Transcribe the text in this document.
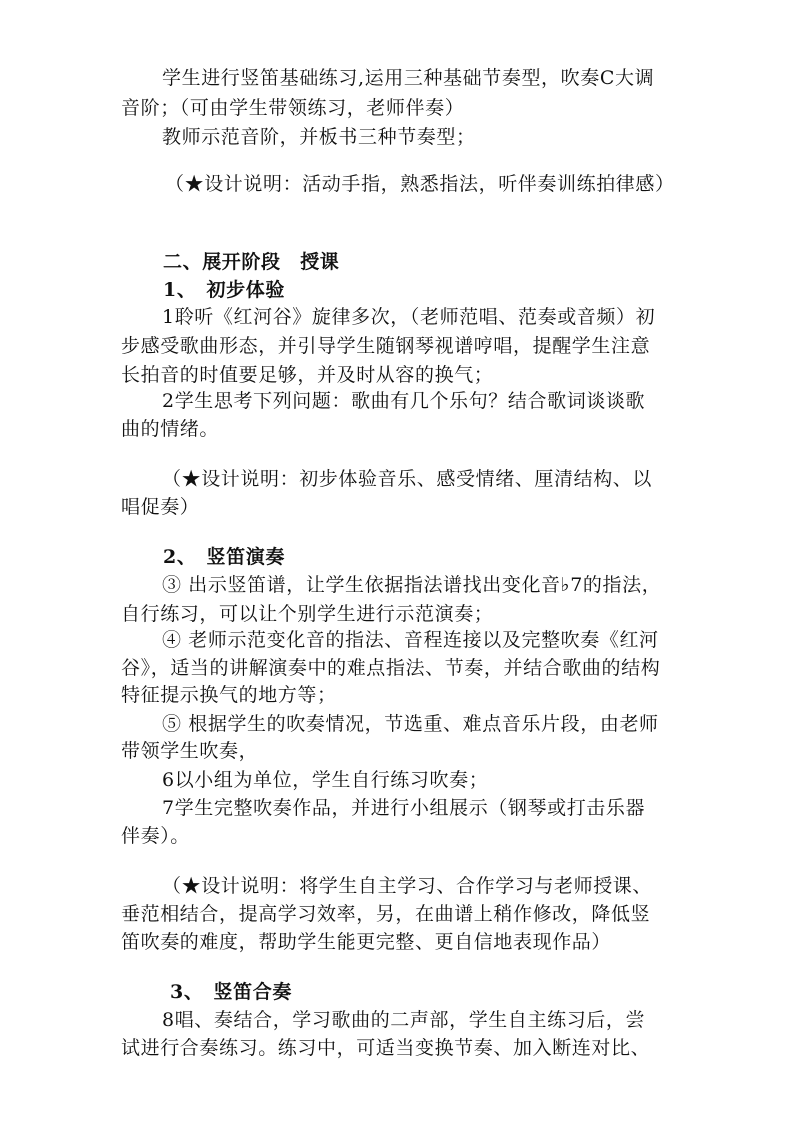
学生进行竖笛基础练习,运用三种基础节奏型，吹奏C大调
音阶；（可由学生带领练习，老师伴奏）
教师示范音阶，并板书三种节奏型；
（★设计说明：活动手指，熟悉指法，听伴奏训练拍律感）
二、展开阶段　授课
1、　初步体验
1聆听《红河谷》旋律多次，（老师范唱、范奏或音频）初
步感受歌曲形态，并引导学生随钢琴视谱哼唱，提醒学生注意
长拍音的时值要足够，并及时从容的换气；
2学生思考下列问题：歌曲有几个乐句？结合歌词谈谈歌
曲的情绪。
（★设计说明：初步体验音乐、感受情绪、厘清结构、以
唱促奏）
2、　竖笛演奏
③ 出示竖笛谱，让学生依据指法谱找出变化音♭7的指法，
自行练习，可以让个别学生进行示范演奏；
④ 老师示范变化音的指法、音程连接以及完整吹奏《红河
谷》，适当的讲解演奏中的难点指法、节奏，并结合歌曲的结构
特征提示换气的地方等；
⑤ 根据学生的吹奏情况，节选重、难点音乐片段，由老师
带领学生吹奏，
6以小组为单位，学生自行练习吹奏；
7学生完整吹奏作品，并进行小组展示（钢琴或打击乐器
伴奏）。
（★设计说明：将学生自主学习、合作学习与老师授课、
垂范相结合，提高学习效率，另，在曲谱上稍作修改，降低竖
笛吹奏的难度，帮助学生能更完整、更自信地表现作品）
3、　竖笛合奏
8唱、奏结合，学习歌曲的二声部，学生自主练习后，尝
试进行合奏练习。练习中，可适当变换节奏、加入断连对比、
